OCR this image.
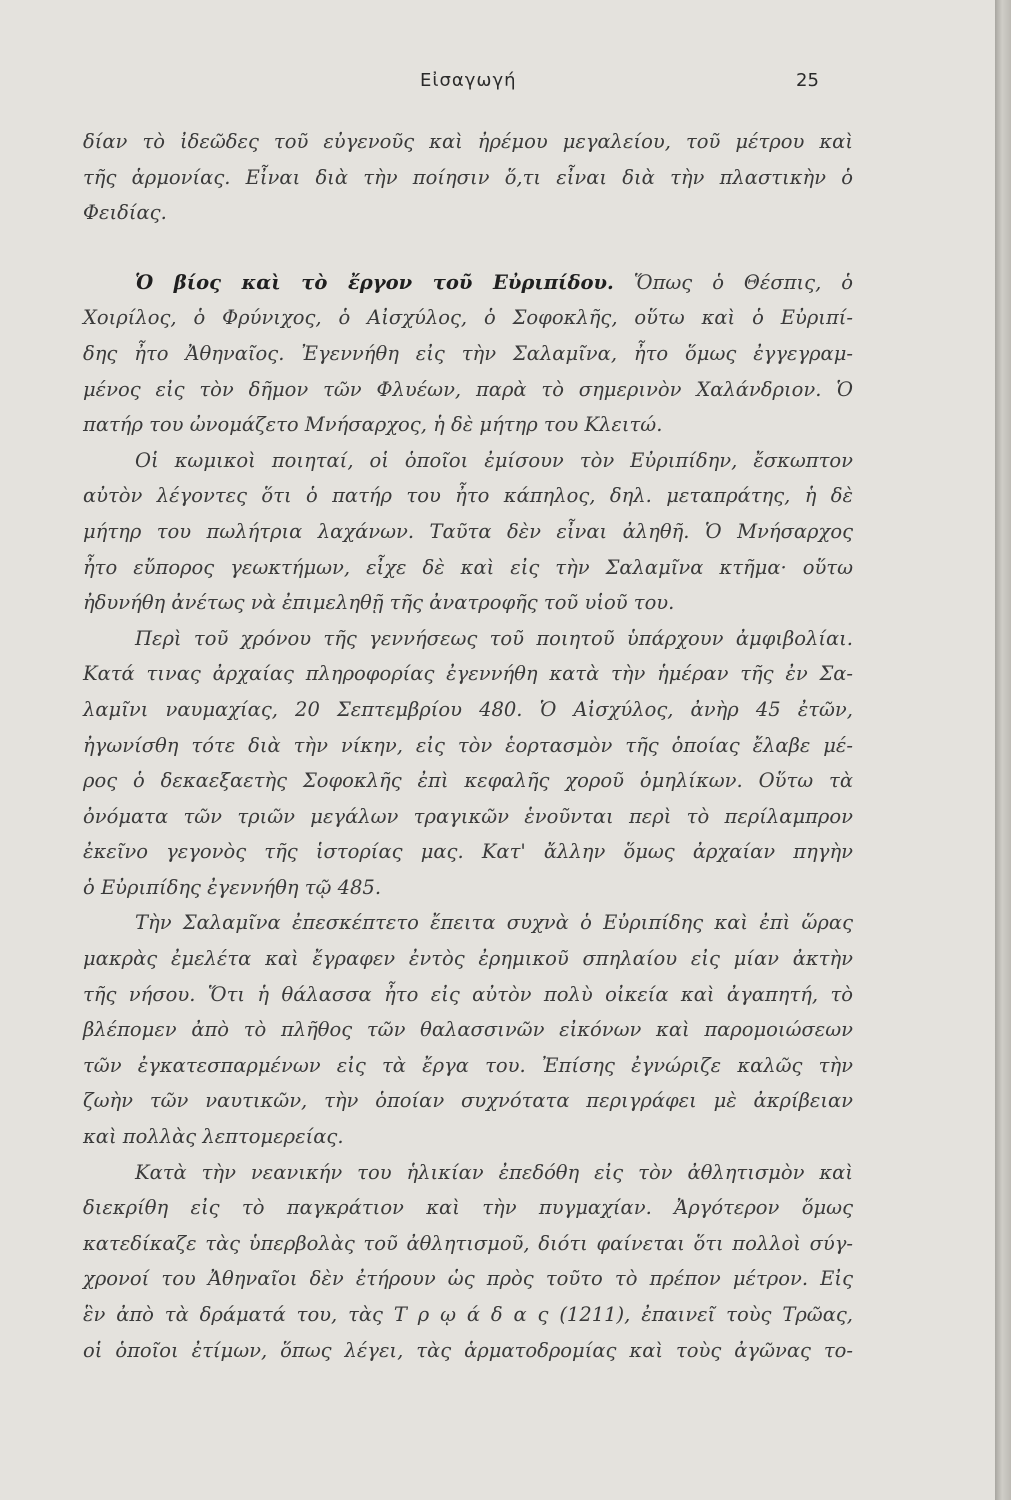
Εἰσαγωγή	25
δίαν τὸ ἰδεῶδες τοῦ εὐγενοῦς καὶ ἠρέμου μεγαλείου, τοῦ μέτρου καὶ
τῆς ἁρμονίας. Εἶναι διὰ τὴν ποίησιν ὅ,τι εἶναι διὰ τὴν πλαστικὴν ὁ
Φειδίας.
Ὁ βίος καὶ τὸ ἔργον τοῦ Εὐριπίδου. Ὅπως ὁ Θέσπις, ὁ
Χοιρίλος, ὁ Φρύνιχος, ὁ Αἰσχύλος, ὁ Σοφοκλῆς, οὕτω καὶ ὁ Εὐριπί-
δης ἦτο Ἀθηναῖος. Ἐγεννήθη εἰς τὴν Σαλαμῖνα, ἦτο ὅμως ἐγγεγραμ-
μένος εἰς τὸν δῆμον τῶν Φλυέων, παρὰ τὸ σημερινὸν Χαλάνδριον. Ὁ
πατήρ του ὠνομάζετο Μνήσαρχος, ἡ δὲ μήτηρ του Κλειτώ.
Οἱ κωμικοὶ ποιηταί, οἱ ὁποῖοι ἐμίσουν τὸν Εὐριπίδην, ἔσκωπτον
αὐτὸν λέγοντες ὅτι ὁ πατήρ του ἦτο κάπηλος, δηλ. μεταπράτης, ἡ δὲ
μήτηρ του πωλήτρια λαχάνων. Ταῦτα δὲν εἶναι ἀληθῆ. Ὁ Μνήσαρχος
ἦτο εὔπορος γεωκτήμων, εἶχε δὲ καὶ εἰς τὴν Σαλαμῖνα κτῆμα· οὕτω
ἠδυνήθη ἀνέτως νὰ ἐπιμεληθῇ τῆς ἀνατροφῆς τοῦ υἱοῦ του.
Περὶ τοῦ χρόνου τῆς γεννήσεως τοῦ ποιητοῦ ὑπάρχουν ἀμφιβολίαι.
Κατά τινας ἀρχαίας πληροφορίας ἐγεννήθη κατὰ τὴν ἡμέραν τῆς ἐν Σα-
λαμῖνι ναυμαχίας, 20 Σεπτεμβρίου 480. Ὁ Αἰσχύλος, ἀνὴρ 45 ἐτῶν,
ἠγωνίσθη τότε διὰ τὴν νίκην, εἰς τὸν ἑορτασμὸν τῆς ὁποίας ἔλαβε μέ-
ρος ὁ δεκαεξαετὴς Σοφοκλῆς ἐπὶ κεφαλῆς χοροῦ ὁμηλίκων. Οὕτω τὰ
ὀνόματα τῶν τριῶν μεγάλων τραγικῶν ἑνοῦνται περὶ τὸ περίλαμπρον
ἐκεῖνο γεγονὸς τῆς ἱστορίας μας. Κατ' ἄλλην ὅμως ἀρχαίαν πηγὴν
ὁ Εὐριπίδης ἐγεννήθη τῷ 485.
Τὴν Σαλαμῖνα ἐπεσκέπτετο ἔπειτα συχνὰ ὁ Εὐριπίδης καὶ ἐπὶ ὥρας
μακρὰς ἐμελέτα καὶ ἔγραφεν ἐντὸς ἐρημικοῦ σπηλαίου εἰς μίαν ἀκτὴν
τῆς νήσου. Ὅτι ἡ θάλασσα ἦτο εἰς αὐτὸν πολὺ οἰκεία καὶ ἀγαπητή, τὸ
βλέπομεν ἀπὸ τὸ πλῆθος τῶν θαλασσινῶν εἰκόνων καὶ παρομοιώσεων
τῶν ἐγκατεσπαρμένων εἰς τὰ ἔργα του. Ἐπίσης ἐγνώριζε καλῶς τὴν
ζωὴν τῶν ναυτικῶν, τὴν ὁποίαν συχνότατα περιγράφει μὲ ἀκρίβειαν
καὶ πολλὰς λεπτομερείας.
Κατὰ τὴν νεανικήν του ἡλικίαν ἐπεδόθη εἰς τὸν ἀθλητισμὸν καὶ
διεκρίθη εἰς τὸ παγκράτιον καὶ τὴν πυγμαχίαν. Ἀργότερον ὅμως
κατεδίκαζε τὰς ὑπερβολὰς τοῦ ἀθλητισμοῦ, διότι φαίνεται ὅτι πολλοὶ σύγ-
χρονοί του Ἀθηναῖοι δὲν ἐτήρουν ὡς πρὸς τοῦτο τὸ πρέπον μέτρον. Εἰς
ἓν ἀπὸ τὰ δράματά του, τὰς Τ ρ ῳ ά δ α ς (1211), ἐπαινεῖ τοὺς Τρῶας,
οἱ ὁποῖοι ἐτίμων, ὅπως λέγει, τὰς ἁρματοδρομίας καὶ τοὺς ἀγῶνας το-
